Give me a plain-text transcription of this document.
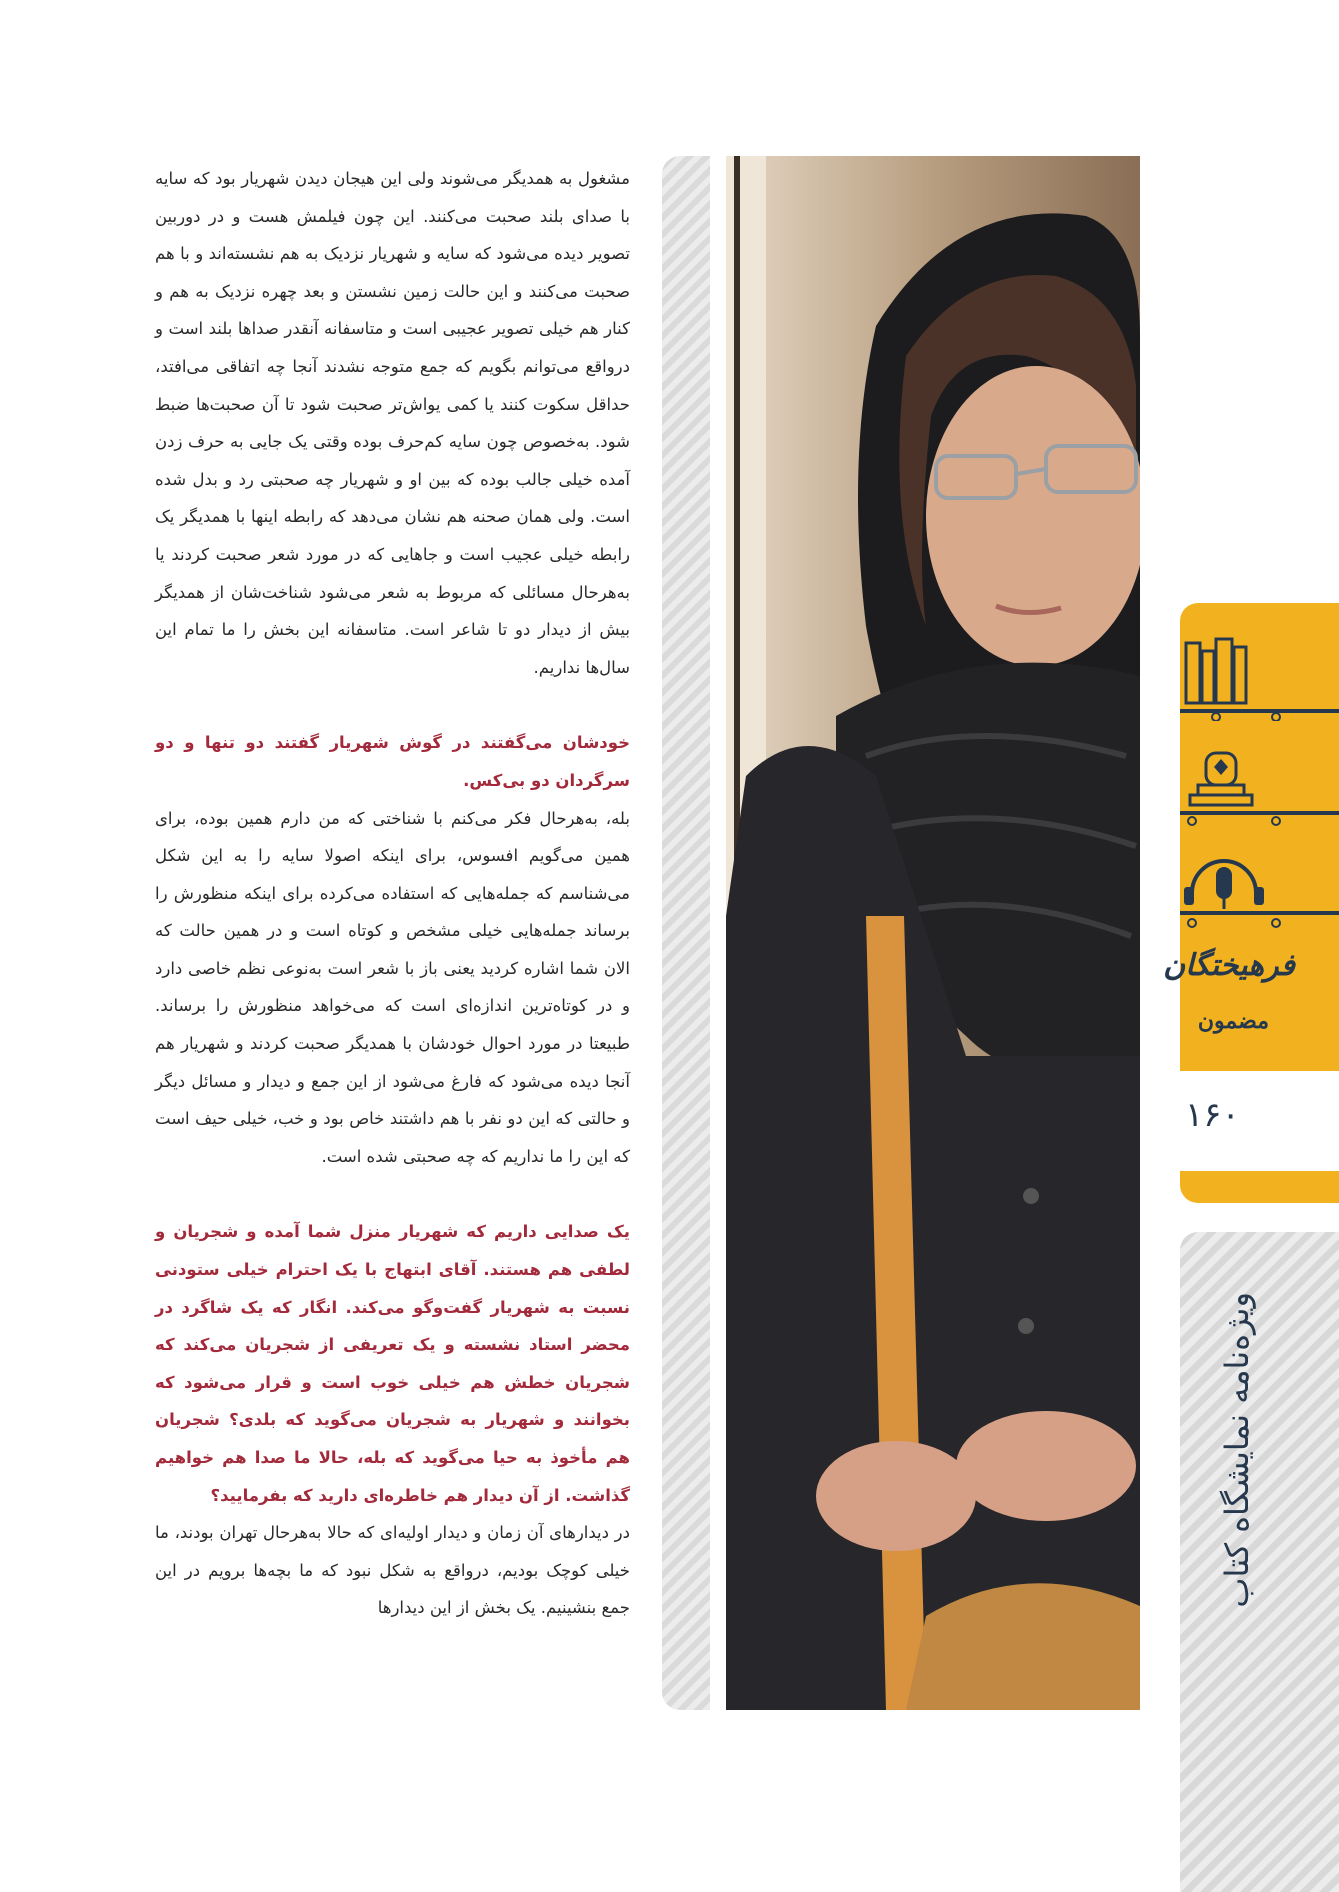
مشغول به همدیگر می‌شوند ولی این هیجان دیدن شهریار بود که سایه با صدای بلند صحبت می‌کنند. این چون فیلمش هست و در دوربین تصویر دیده می‌شود که سایه و شهریار نزدیک به هم نشسته‌اند و با هم صحبت می‌کنند و این حالت زمین نشستن و بعد چهره نزدیک به هم و کنار هم خیلی تصویر عجیبی است و متاسفانه آنقدر صداها بلند است و درواقع می‌توانم بگویم که جمع متوجه نشدند آنجا چه اتفاقی می‌افتد، حداقل سکوت کنند یا کمی یواش‌تر صحبت شود تا آن صحبت‌ها ضبط شود. به‌خصوص چون سایه کم‌حرف بوده وقتی یک جایی به حرف زدن آمده خیلی جالب بوده که بین او و شهریار چه صحبتی رد و بدل شده است. ولی همان صحنه هم نشان می‌دهد که رابطه اینها با همدیگر یک رابطه خیلی عجیب است و جاهایی که در مورد شعر صحبت کردند یا به‌هرحال مسائلی که مربوط به شعر می‌شود شناخت‌شان از همدیگر بیش از دیدار دو تا شاعر است. متاسفانه این بخش را ما تمام این سال‌ها نداریم.

خودشان می‌گفتند در گوش شهریار گفتند دو تنها و دو سرگردان دو بی‌کس.

بله، به‌هرحال فکر می‌کنم با شناختی که من دارم همین بوده، برای همین می‌گویم افسوس، برای اینکه اصولا سایه را به این شکل می‌شناسم که جمله‌هایی که استفاده می‌کرده برای اینکه منظورش را برساند جمله‌هایی خیلی مشخص و کوتاه است و در همین حالت که الان شما اشاره کردید یعنی باز با شعر است به‌نوعی نظم خاصی دارد و در کوتاه‌ترین اندازه‌ای است که می‌خواهد منظورش را برساند. طبیعتا در مورد احوال خودشان با همدیگر صحبت کردند و شهریار هم آنجا دیده می‌شود که فارغ می‌شود از این جمع و دیدار و مسائل دیگر و حالتی که این دو نفر با هم داشتند خاص بود و خب، خیلی حیف است که این را ما نداریم که چه صحبتی شده است.

یک صدایی داریم که شهریار منزل شما آمده و شجریان و لطفی هم هستند. آقای ابتهاج با یک احترام خیلی ستودنی نسبت به شهریار گفت‌وگو می‌کند. انگار که یک شاگرد در محضر استاد نشسته و یک تعریفی از شجریان می‌کند که شجریان خطش هم خیلی خوب است و قرار می‌شود که بخوانند و شهریار به شجریان می‌گوید که بلدی؟ شجریان هم مأخوذ به حیا می‌گوید که بله، حالا ما صدا هم خواهیم گذاشت. از آن دیدار هم خاطره‌ای دارید که بفرمایید؟

در دیدارهای آن زمان و دیدار اولیه‌ای که حالا به‌هرحال تهران بودند، ما خیلی کوچک بودیم، درواقع به شکل نبود که ما بچه‌ها برویم در این جمع بنشینیم. یک بخش از این دیدارها

فرهیختگان
مضمون
۱۶۰
ویژه‌نامه نمایشگاه کتاب
